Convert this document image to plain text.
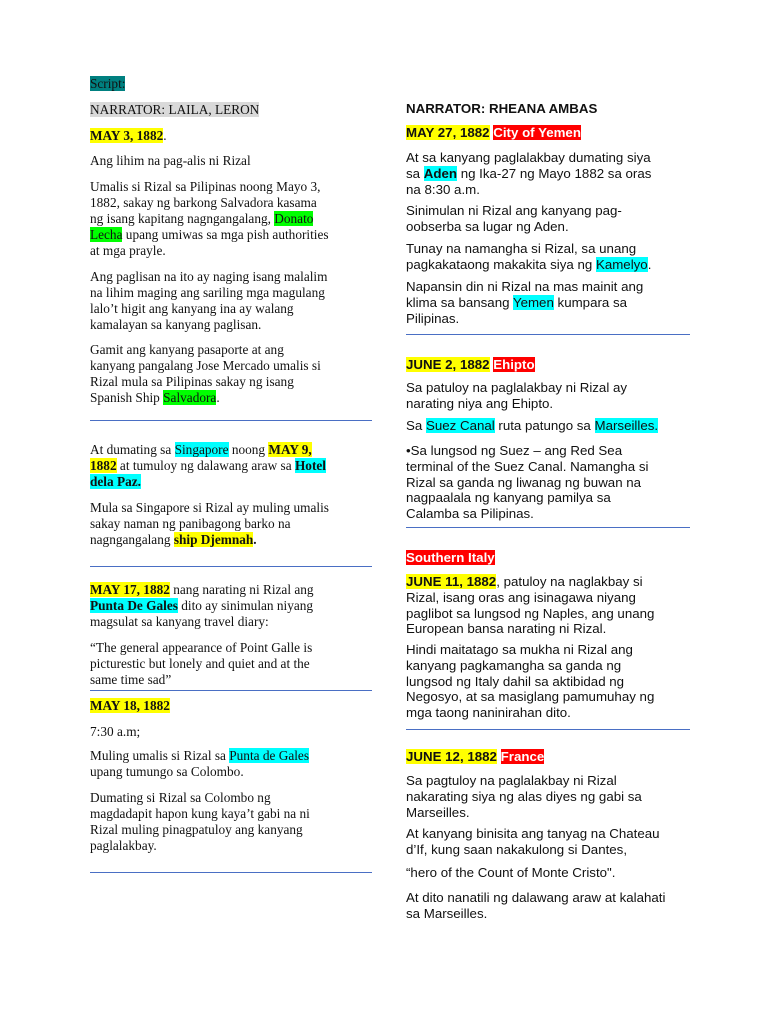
Script:
NARRATOR: LAILA, LERON
MAY 3, 1882.

Ang lihim na pag-alis ni Rizal

Umalis si Rizal sa Pilipinas noong Mayo 3,

1882, sakay ng barkong Salvadora kasama

ng isang kapitang nagngangalang, Donato

Lecha upang umiwas sa mga pish authorities

at mga prayle.

Ang paglisan na ito ay naging isang malalim

na lihim maging ang sariling mga magulang

lalo’t higit ang kanyang ina ay walang

kamalayan sa kanyang paglisan.

Gamit ang kanyang pasaporte at ang

kanyang pangalang Jose Mercado umalis si

Rizal mula sa Pilipinas sakay ng isang

Spanish Ship Salvadora.

At dumating sa Singapore noong MAY 9,

1882 at tumuloy ng dalawang araw sa Hotel

dela Paz.

Mula sa Singapore si Rizal ay muling umalis

sakay naman ng panibagong barko na

nagngangalang ship Djemnah.

MAY 17, 1882 nang narating ni Rizal ang

Punta De Gales dito ay sinimulan niyang

magsulat sa kanyang travel diary:

“The general appearance of Point Galle is

picturestic but lonely and quiet and at the

same time sad”

MAY 18, 1882

7:30 a.m;

Muling umalis si Rizal sa Punta de Gales

upang tumungo sa Colombo.

Dumating si Rizal sa Colombo ng

magdadapit hapon kung kaya’t gabi na ni

Rizal muling pinagpatuloy ang kanyang

paglalakbay.

NARRATOR: RHEANA AMBAS
MAY 27, 1882 City of Yemen

At sa kanyang paglalakbay dumating siya

sa Aden ng Ika-27 ng Mayo 1882 sa oras

na 8:30 a.m.

Sinimulan ni Rizal ang kanyang pag-

oobserba sa lugar ng Aden.

Tunay na namangha si Rizal, sa unang

pagkakataong makakita siya ng Kamelyo.

Napansin din ni Rizal na mas mainit ang

klima sa bansang Yemen kumpara sa

Pilipinas.

JUNE 2, 1882 Ehipto

Sa patuloy na paglalakbay ni Rizal ay

narating niya ang Ehipto.

Sa Suez Canal ruta patungo sa Marseilles.

•Sa lungsod ng Suez – ang Red Sea

terminal of the Suez Canal. Namangha si

Rizal sa ganda ng liwanag ng buwan na

nagpaalala ng kanyang pamilya sa

Calamba sa Pilipinas.

Southern Italy

JUNE 11, 1882, patuloy na naglakbay si

Rizal, isang oras ang isinagawa niyang

paglibot sa lungsod ng Naples, ang unang

European bansa narating ni Rizal.

Hindi maitatago sa mukha ni Rizal ang

kanyang pagkamangha sa ganda ng

lungsod ng Italy dahil sa aktibidad ng

Negosyo, at sa masiglang pamumuhay ng

mga taong naninirahan dito.

JUNE 12, 1882 France

Sa pagtuloy na paglalakbay ni Rizal

nakarating siya ng alas diyes ng gabi sa

Marseilles.

At kanyang binisita ang tanyag na Chateau

d’If, kung saan nakakulong si Dantes,

“hero of the Count of Monte Cristo".

At dito nanatili ng dalawang araw at kalahati

sa Marseilles.
